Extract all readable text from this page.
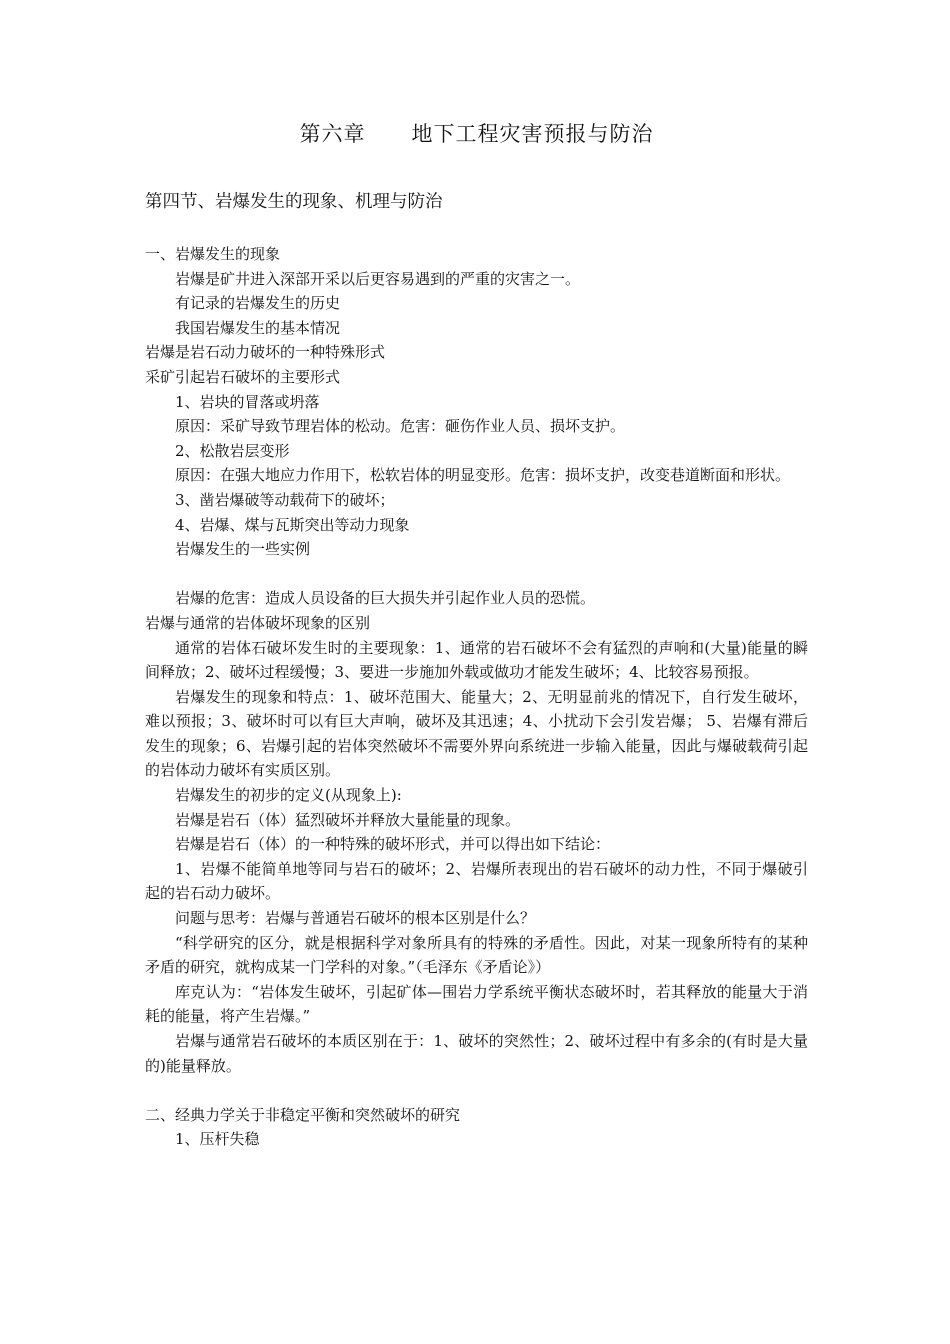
第六章      地下工程灾害预报与防治
第四节、岩爆发生的现象、机理与防治

一、岩爆发生的现象

岩爆是矿井进入深部开采以后更容易遇到的严重的灾害之一。

有记录的岩爆发生的历史

我国岩爆发生的基本情况

岩爆是岩石动力破坏的一种特殊形式

采矿引起岩石破坏的主要形式

1、岩块的冒落或坍落

原因：采矿导致节理岩体的松动。危害：砸伤作业人员、损坏支护。

2、松散岩层变形

原因：在强大地应力作用下，松软岩体的明显变形。危害：损坏支护，改变巷道断面和形状。

3、凿岩爆破等动载荷下的破坏；

4、岩爆、煤与瓦斯突出等动力现象

岩爆发生的一些实例

岩爆的危害：造成人员设备的巨大损失并引起作业人员的恐慌。

岩爆与通常的岩体破坏现象的区别

通常的岩体石破坏发生时的主要现象：1、通常的岩石破坏不会有猛烈的声响和(大量)能量的瞬间释放；2、破坏过程缓慢；3、要进一步施加外载或做功才能发生破坏；4、比较容易预报。

岩爆发生的现象和特点：1、破坏范围大、能量大；2、无明显前兆的情况下，自行发生破坏，难以预报；3、破坏时可以有巨大声响，破坏及其迅速；4、小扰动下会引发岩爆； 5、岩爆有滞后发生的现象；6、岩爆引起的岩体突然破坏不需要外界向系统进一步输入能量，因此与爆破载荷引起的岩体动力破坏有实质区别。

岩爆发生的初步的定义(从现象上):

岩爆是岩石（体）猛烈破坏并释放大量能量的现象。

岩爆是岩石（体）的一种特殊的破坏形式，并可以得出如下结论：

1、岩爆不能简单地等同与岩石的破坏；2、岩爆所表现出的岩石破坏的动力性，不同于爆破引起的岩石动力破坏。

问题与思考：岩爆与普通岩石破坏的根本区别是什么？

“科学研究的区分，就是根据科学对象所具有的特殊的矛盾性。因此，对某一现象所特有的某种矛盾的研究，就构成某一门学科的对象。”（毛泽东《矛盾论》）

库克认为：“岩体发生破坏，引起矿体—围岩力学系统平衡状态破坏时，若其释放的能量大于消耗的能量，将产生岩爆。”

岩爆与通常岩石破坏的本质区别在于：1、破坏的突然性；2、破坏过程中有多余的(有时是大量的)能量释放。

二、经典力学关于非稳定平衡和突然破坏的研究

1、压杆失稳
